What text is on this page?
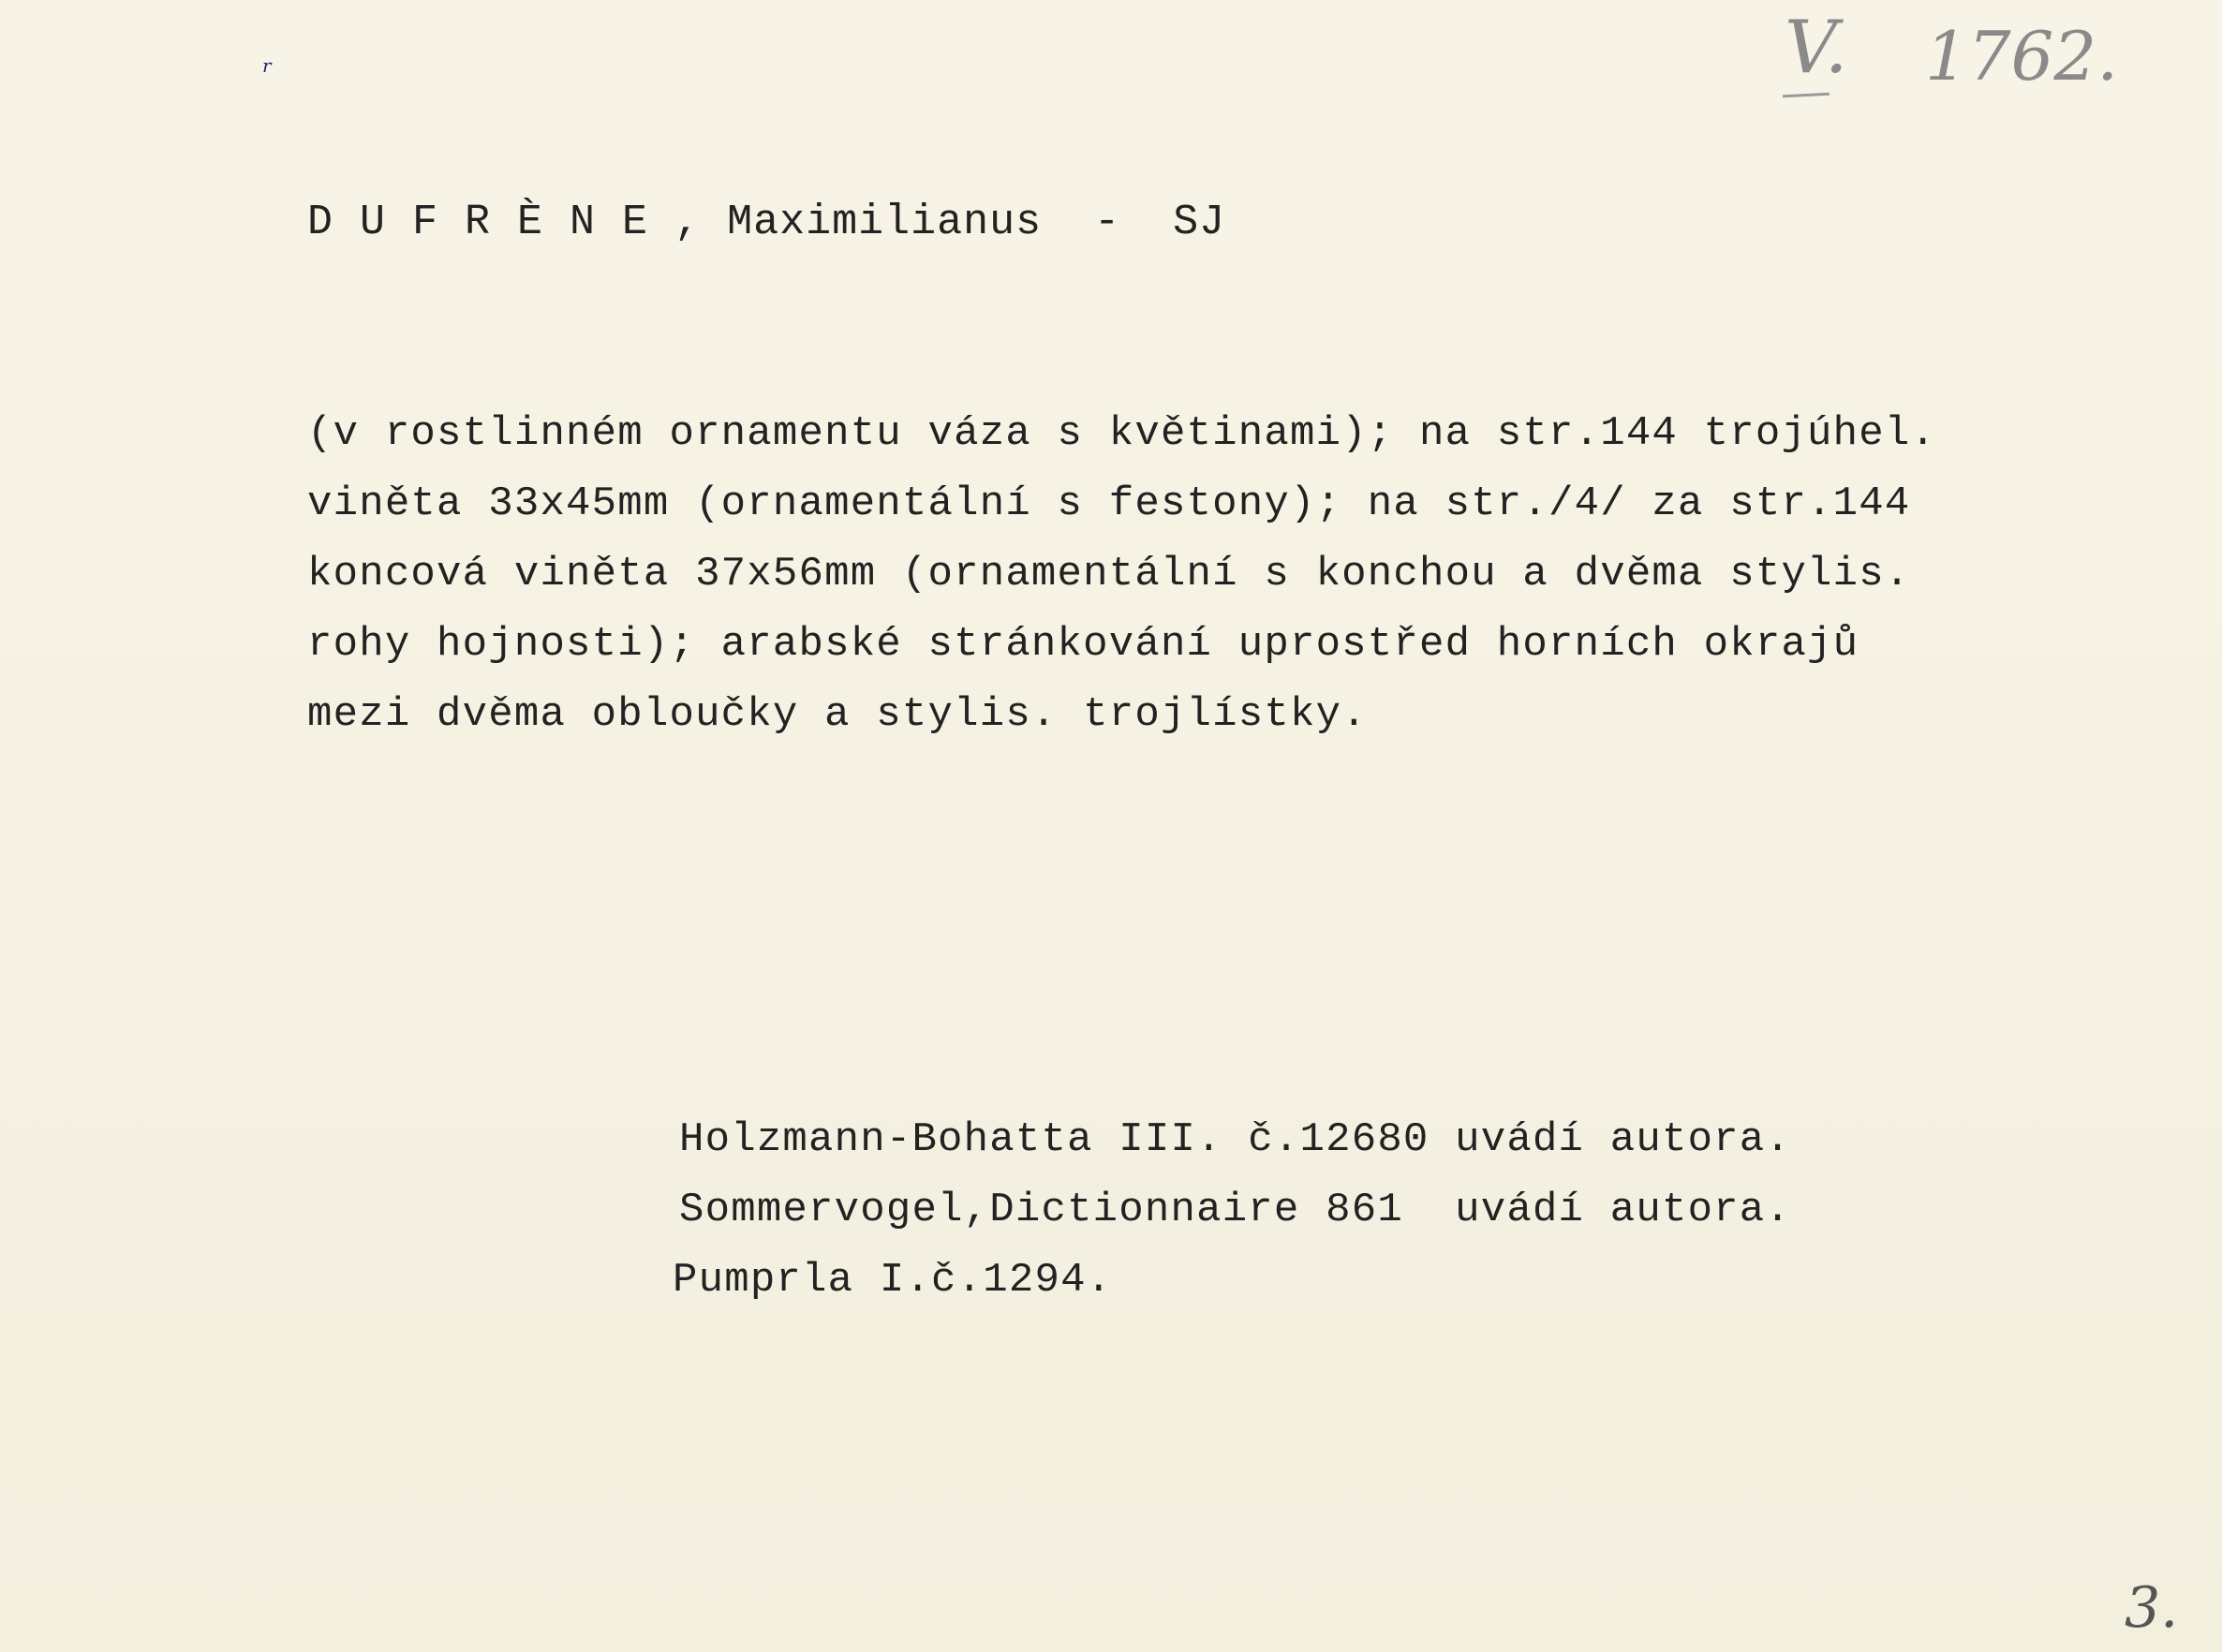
r	V. 1762.
D U F R È N E , Maximilianus  -  SJ
(v rostlinném ornamentu váza s květinami); na str.144 trojúhel.
viněta 33x45mm (ornamentální s festony); na str./4/ za str.144
koncová viněta 37x56mm (ornamentální s konchou a dvěma stylis.
rohy hojnosti); arabské stránkování uprostřed horních okrajů
mezi dvěma obloučky a stylis. trojlístky.
Holzmann-Bohatta III. č.12680 uvádí autora.
Sommervogel,Dictionnaire 861  uvádí autora.
Pumprla I.č.1294.
3.
